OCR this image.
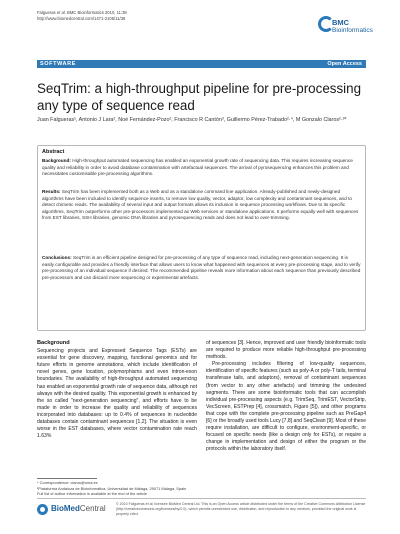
Falgueras et al. BMC Bioinformatics 2010, 11:38
http://www.biomedcentral.com/1471-2105/11/38	BMC
Bioinformatics
SOFTWARE	Open Access
SeqTrim: a high-throughput pipeline for pre-processing any type of sequence read
Juan Falgueras¹, Antonio J Lara², Noé Fernández-Pozo², Francisco R Cantón³, Guillermo Pérez-Trabado²·⁴, M Gonzalo Claros²·³*
Abstract
Background: High-throughput automated sequencing has enabled an exponential growth rate of sequencing data. This requires increasing sequence quality and reliability in order to avoid database contamination with artefactual sequences. The arrival of pyrosequencing enhances this problem and necessitates customisable pre-processing algorithms.
Results: SeqTrim has been implemented both as a Web and as a standalone command line application. Already-published and newly-designed algorithms have been included to identify sequence inserts, to remove low quality, vector, adaptor, low complexity and contaminant sequences, and to detect chimeric reads. The availability of several input and output formats allows its inclusion in sequence processing workflows. Due to its specific algorithms, SeqTrim outperforms other pre-processors implemented as Web services or standalone applications. It performs equally well with sequences from EST libraries, SSH libraries, genomic DNA libraries and pyrosequencing reads and does not lead to over-trimming.
Conclusions: SeqTrim is an efficient pipeline designed for pre-processing of any type of sequence read, including next-generation sequencing. It is easily configurable and provides a friendly interface that allows users to know what happened with sequences at every pre-processing stage, and to verify pre-processing of an individual sequence if desired. The recommended pipeline reveals more information about each sequence than previously described pre-processors and can discard more sequencing or experimental artefacts.
Background

Sequencing projects and Expressed Sequence Tags (ESTs) are essential for gene discovery, mapping, functional genomics and for future efforts in genome annotations, which include identification of novel genes, gene location, polymorphisms and even intron-exon boundaries. The availability of high-throughput automated sequencing has enabled an exponential growth rate of sequence data, although not always with the desired quality. This exponential growth is enhanced by the so called "next-generation sequencing", and efforts have to be made in order to increase the quality and reliability of sequences incorporated into databases: up to 0.4% of sequences in nucleotide databases contain contaminant sequences [1,2]. The situation is even worse in the EST databases, where vector contamination rate reach 1.63%

of sequences [3]. Hence, improved and user friendly bioinformatic tools are required to produce more reliable high-throughput pre-processing methods.

Pre-processing includes filtering of low-quality sequences, identification of specific features (such as poly-A or poly-T tails, terminal transferase tails, and adaptors), removal of contaminant sequences (from vector to any other artefacts) and trimming the undesired segments. There are some bioinformatic tools that can accomplish individual pre-processing aspects (e.g. TrimSeq, TrimEST, VectorStrip, VecScreen, ESTPrep [4], crossmatch, Figaro [5]), and other programs that cope with the complete pre-processing pipeline such as PreGap4 [6] or the broadly used tools Lucy [7,8] and SeqClean [9]. Most of these require installation, are difficult to configure, environment-specific, or focused on specific needs (like a design only for ESTs), or require a change in implementation and design of either the program or the protocols within the laboratory itself.

* Correspondence: claros@uma.es
²Plataforma Andaluza de Bioinformática, Universidad de Málaga, 29071 Málaga, Spain
Full list of author information is available at the end of the article
BioMedCentral	© 2010 Falgueras et al; licensee BioMed Central Ltd. This is an Open Access article distributed under the terms of the Creative Commons Attribution License (http://creativecommons.org/licenses/by/2.0), which permits unrestricted use, distribution, and reproduction in any medium, provided the original work is properly cited.
